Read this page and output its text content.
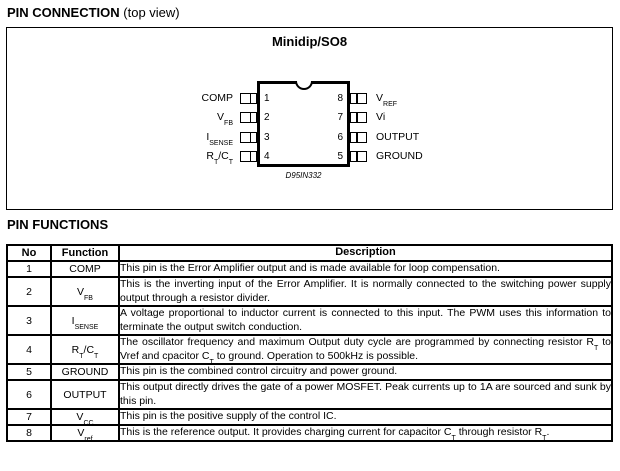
PIN CONNECTION (top view)
Minidip/SO8
COMP	1
$V_{FB}$
2
$I_{SENSE}$
3
$R_T/C_T$
4
8	$V_{REF}$
7	Vi
6	OUTPUT
5	GROUND
D95IN332
PIN FUNCTIONS
No	Function	Description
1	COMP	This pin is the Error Amplifier output and is made available for loop compensation.
2	$V_{FB}$	This is the inverting input of the Error Amplifier. It is normally connected to the switching power supply output through a resistor divider.
3	$I_{SENSE}$	A voltage proportional to inductor current is connected to this input. The PWM uses this information to terminate the output switch conduction.
4	$R_T/C_T$	The oscillator frequency and maximum Output duty cycle are programmed by connecting resistor $R_T$ to Vref and cpacitor $C_T$ to ground. Operation to 500kHz is possible.
5	GROUND	This pin is the combined control circuitry and power ground.
6	OUTPUT	This output directly drives the gate of a power MOSFET. Peak currents up to 1A are sourced and sunk by this pin.
7	$V_{CC}$	This pin is the positive supply of the control IC.
8	$V_{ref}$	This is the reference output. It provides charging current for capacitor $C_T$ through resistor $R_T$.
